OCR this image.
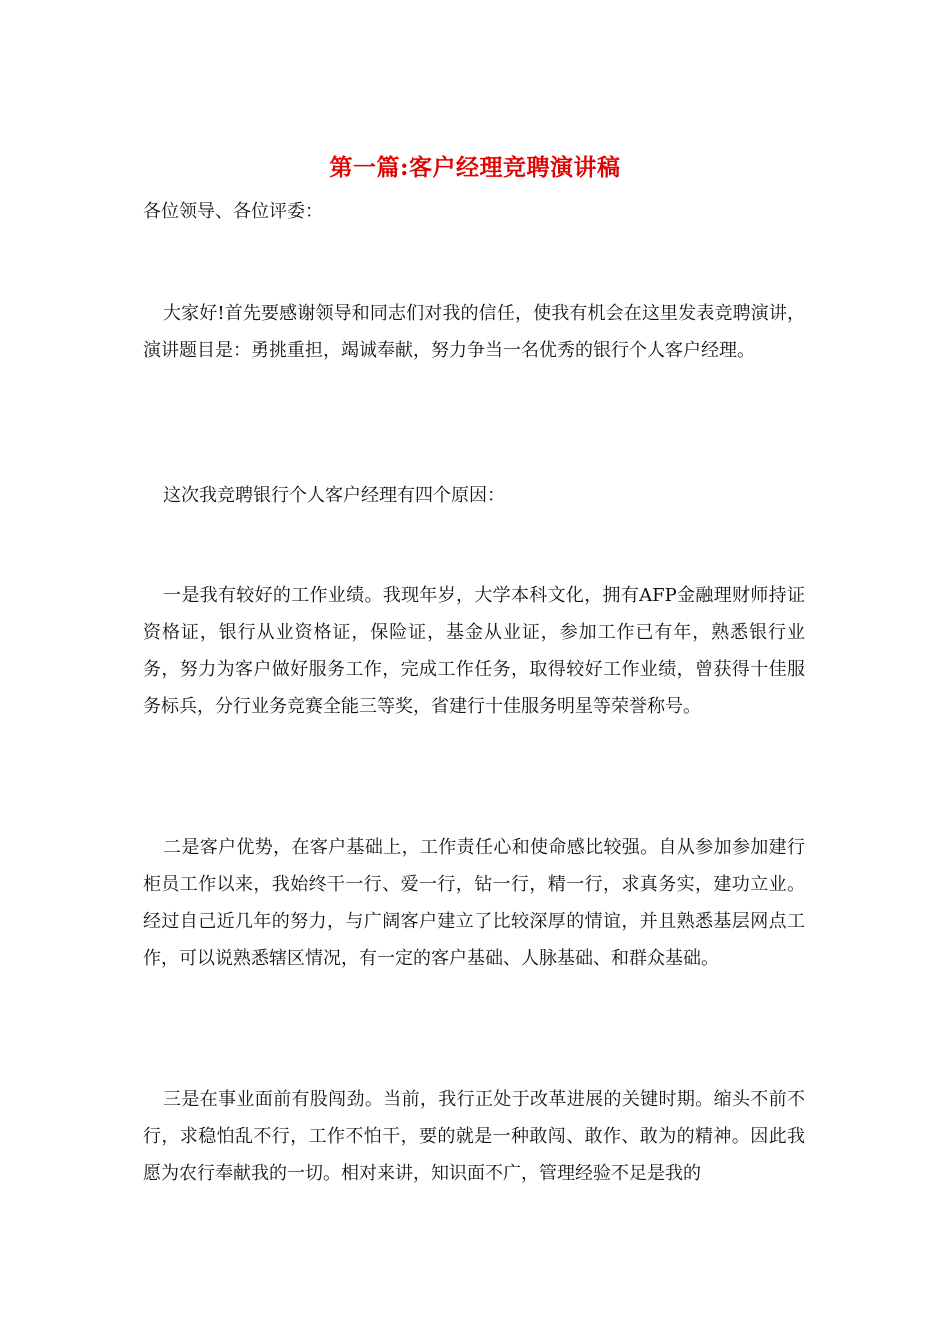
第一篇:客户经理竞聘演讲稿
各位领导、各位评委：

大家好!首先要感谢领导和同志们对我的信任，使我有机会在这里发表竞聘演讲，演讲题目是：勇挑重担，竭诚奉献，努力争当一名优秀的银行个人客户经理。

这次我竞聘银行个人客户经理有四个原因：

一是我有较好的工作业绩。我现年岁，大学本科文化，拥有AFP金融理财师持证资格证，银行从业资格证，保险证，基金从业证，参加工作已有年，熟悉银行业务，努力为客户做好服务工作，完成工作任务，取得较好工作业绩，曾获得十佳服务标兵，分行业务竞赛全能三等奖，省建行十佳服务明星等荣誉称号。

二是客户优势，在客户基础上，工作责任心和使命感比较强。自从参加参加建行柜员工作以来，我始终干一行、爱一行，钻一行，精一行，求真务实，建功立业。经过自己近几年的努力，与广阔客户建立了比较深厚的情谊，并且熟悉基层网点工作，可以说熟悉辖区情况，有一定的客户基础、人脉基础、和群众基础。

三是在事业面前有股闯劲。当前，我行正处于改革进展的关键时期。缩头不前不行，求稳怕乱不行，工作不怕干，要的就是一种敢闯、敢作、敢为的精神。因此我愿为农行奉献我的一切。相对来讲，知识面不广，管理经验不足是我的
